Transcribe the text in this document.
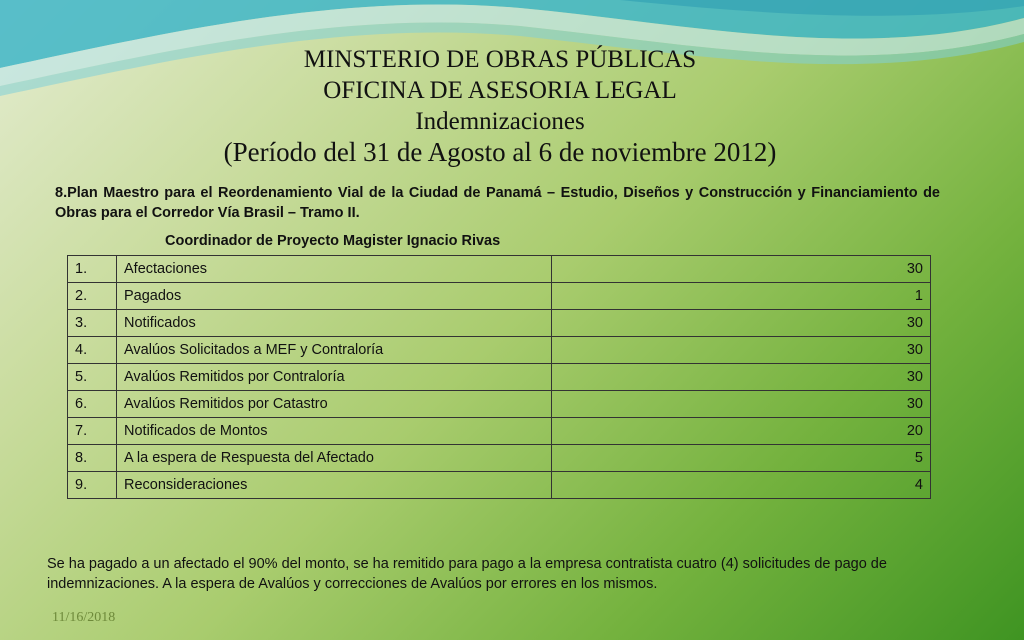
MINSTERIO DE OBRAS PÚBLICAS
OFICINA DE ASESORIA LEGAL
Indemnizaciones
(Período del 31 de Agosto al 6 de noviembre 2012)
8.Plan Maestro para el Reordenamiento Vial de la Ciudad de Panamá – Estudio, Diseños y Construcción y Financiamiento de Obras para el Corredor Vía Brasil – Tramo II.
Coordinador de Proyecto Magister Ignacio Rivas
1.	Afectaciones	30
2.	Pagados	1
3.	Notificados	30
4.	Avalúos Solicitados a MEF y Contraloría	30
5.	Avalúos Remitidos por Contraloría	30
6.	Avalúos Remitidos por Catastro	30
7.	Notificados de Montos	20
8.	A la espera de Respuesta del Afectado	5
9.	Reconsideraciones	4
Se ha pagado a un afectado el 90% del monto, se ha remitido para pago a la empresa contratista cuatro (4) solicitudes de pago de indemnizaciones. A la espera de Avalúos y correcciones de Avalúos por errores en los mismos.
11/16/2018
